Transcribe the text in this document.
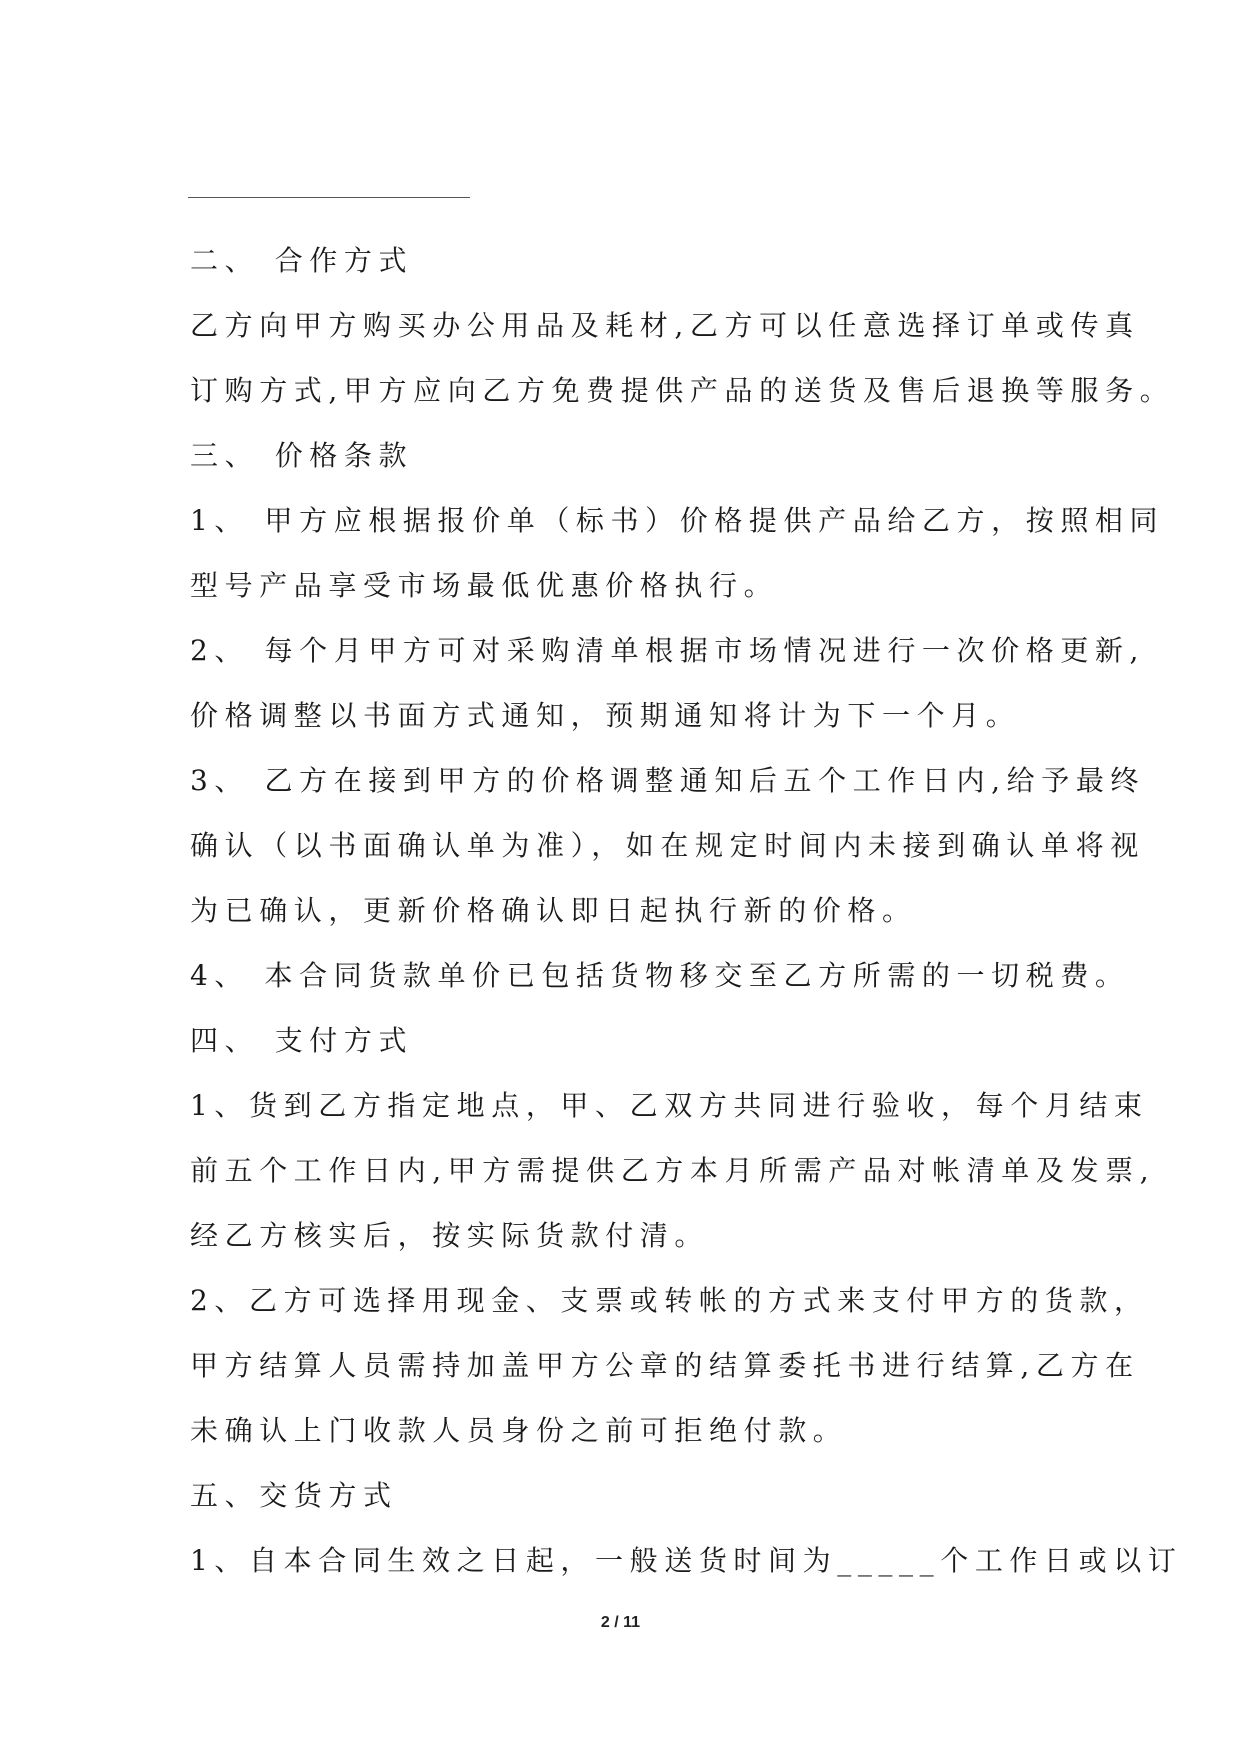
二、 合作方式
乙方向甲方购买办公用品及耗材,乙方可以任意选择订单或传真
订购方式,甲方应向乙方免费提供产品的送货及售后退换等服务。
三、 价格条款
1、 甲方应根据报价单（标书）价格提供产品给乙方，按照相同
型号产品享受市场最低优惠价格执行。
2、 每个月甲方可对采购清单根据市场情况进行一次价格更新,
价格调整以书面方式通知，预期通知将计为下一个月。
3、 乙方在接到甲方的价格调整通知后五个工作日内,给予最终
确认（以书面确认单为准），如在规定时间内未接到确认单将视
为已确认，更新价格确认即日起执行新的价格。
4、 本合同货款单价已包括货物移交至乙方所需的一切税费。
四、 支付方式
1、货到乙方指定地点，甲、乙双方共同进行验收，每个月结束
前五个工作日内,甲方需提供乙方本月所需产品对帐清单及发票,
经乙方核实后，按实际货款付清。
2、乙方可选择用现金、支票或转帐的方式来支付甲方的货款，
甲方结算人员需持加盖甲方公章的结算委托书进行结算,乙方在
未确认上门收款人员身份之前可拒绝付款。
五、交货方式
1、自本合同生效之日起，一般送货时间为_____个工作日或以订
2 / 11
